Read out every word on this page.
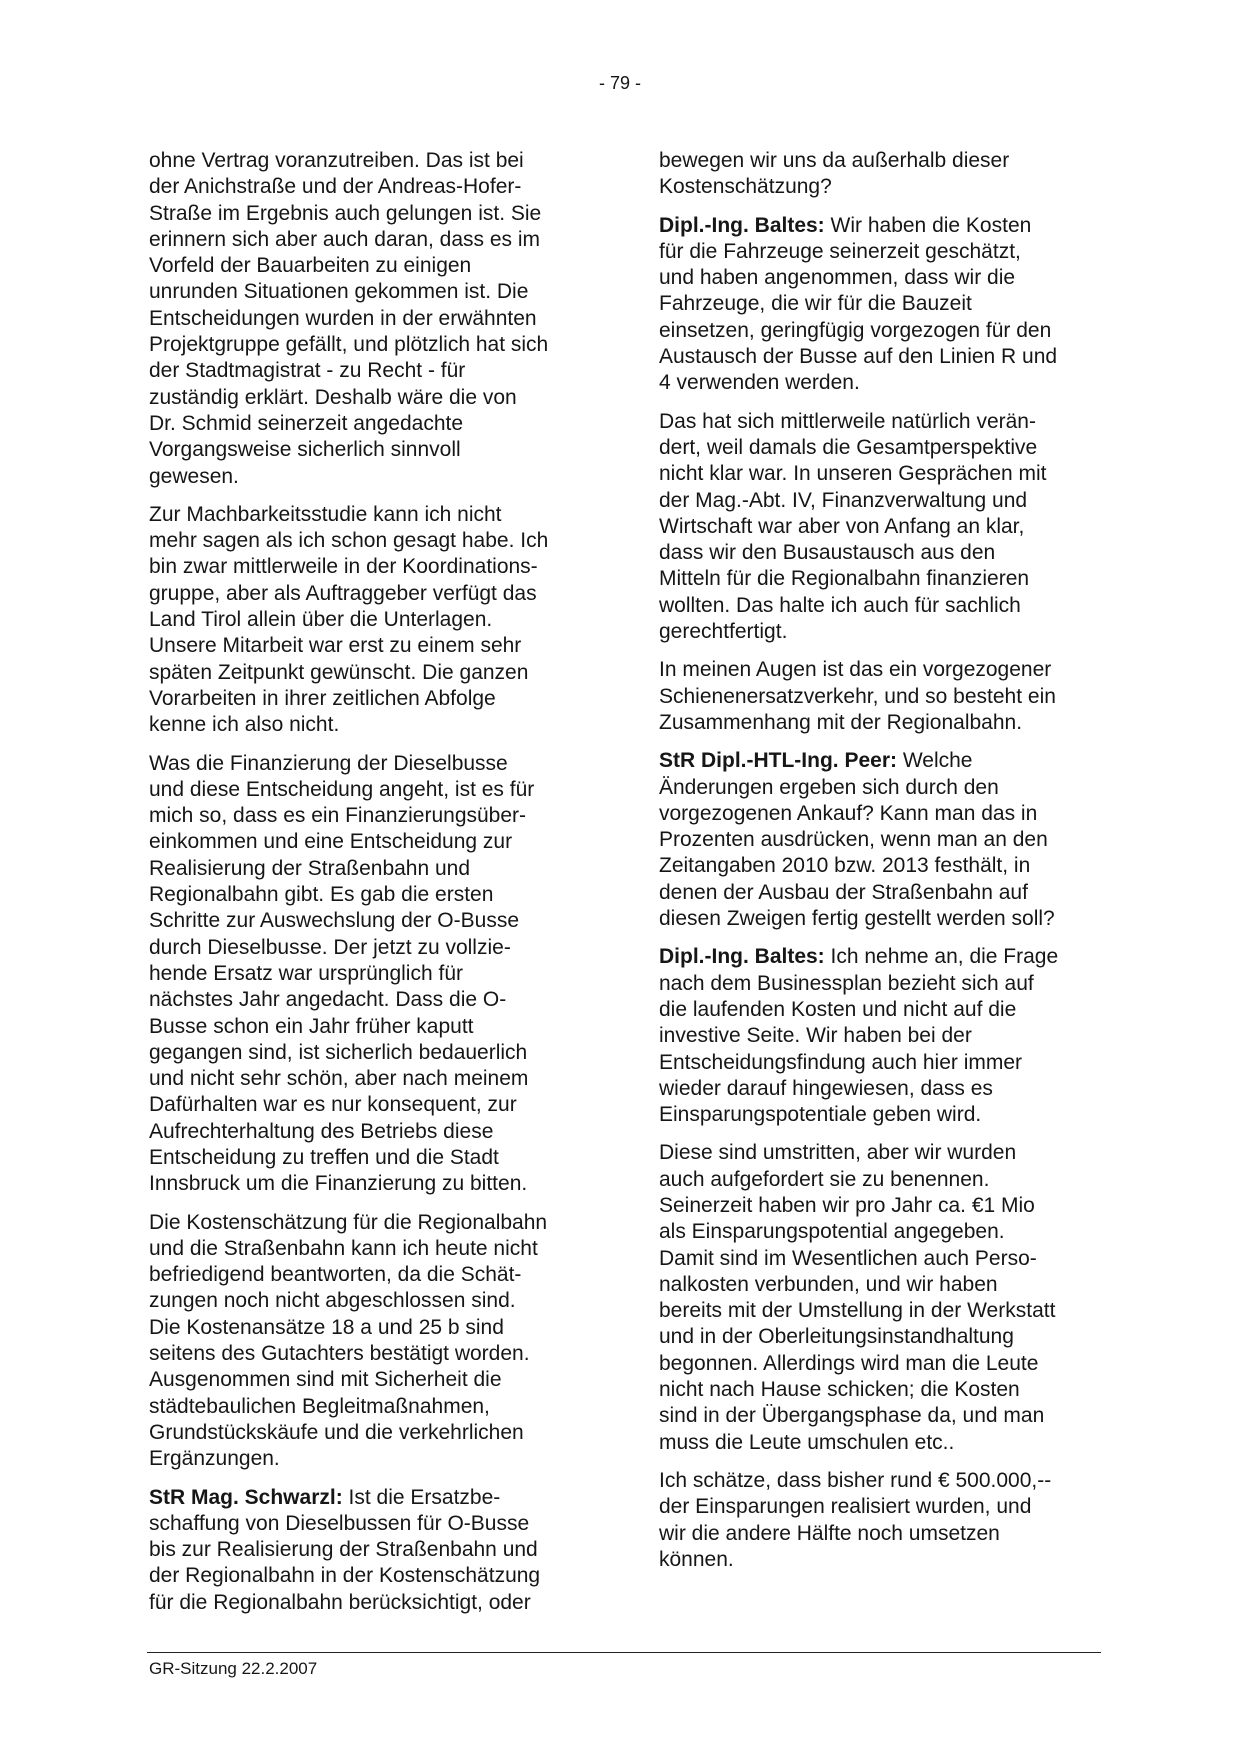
- 79 -

ohne Vertrag voranzutreiben. Das ist bei
der Anichstraße und der Andreas-Hofer-
Straße im Ergebnis auch gelungen ist. Sie
erinnern sich aber auch daran, dass es im
Vorfeld der Bauarbeiten zu einigen
unrunden Situationen gekommen ist. Die
Entscheidungen wurden in der erwähnten
Projektgruppe gefällt, und plötzlich hat sich
der Stadtmagistrat - zu Recht - für
zuständig erklärt. Deshalb wäre die von
Dr. Schmid seinerzeit angedachte
Vorgangsweise sicherlich sinnvoll
gewesen.

Zur Machbarkeitsstudie kann ich nicht
mehr sagen als ich schon gesagt habe. Ich
bin zwar mittlerweile in der Koordinations-
gruppe, aber als Auftraggeber verfügt das
Land Tirol allein über die Unterlagen.
Unsere Mitarbeit war erst zu einem sehr
späten Zeitpunkt gewünscht. Die ganzen
Vorarbeiten in ihrer zeitlichen Abfolge
kenne ich also nicht.

Was die Finanzierung der Dieselbusse
und diese Entscheidung angeht, ist es für
mich so, dass es ein Finanzierungsüber-
einkommen und eine Entscheidung zur
Realisierung der Straßenbahn und
Regionalbahn gibt. Es gab die ersten
Schritte zur Auswechslung der O-Busse
durch Dieselbusse. Der jetzt zu vollzie-
hende Ersatz war ursprünglich für
nächstes Jahr angedacht. Dass die O-
Busse schon ein Jahr früher kaputt
gegangen sind, ist sicherlich bedauerlich
und nicht sehr schön, aber nach meinem
Dafürhalten war es nur konsequent, zur
Aufrechterhaltung des Betriebs diese
Entscheidung zu treffen und die Stadt
Innsbruck um die Finanzierung zu bitten.

Die Kostenschätzung für die Regionalbahn
und die Straßenbahn kann ich heute nicht
befriedigend beantworten, da die Schät-
zungen noch nicht abgeschlossen sind.
Die Kostenansätze 18 a und 25 b sind
seitens des Gutachters bestätigt worden.
Ausgenommen sind mit Sicherheit die
städtebaulichen Begleitmaßnahmen,
Grundstückskäufe und die verkehrlichen
Ergänzungen.

StR Mag. Schwarzl: Ist die Ersatzbe-
schaffung von Dieselbussen für O-Busse
bis zur Realisierung der Straßenbahn und
der Regionalbahn in der Kostenschätzung
für die Regionalbahn berücksichtigt, oder

bewegen wir uns da außerhalb dieser
Kostenschätzung?

Dipl.-Ing. Baltes: Wir haben die Kosten
für die Fahrzeuge seinerzeit geschätzt,
und haben angenommen, dass wir die
Fahrzeuge, die wir für die Bauzeit
einsetzen, geringfügig vorgezogen für den
Austausch der Busse auf den Linien R und
4 verwenden werden.

Das hat sich mittlerweile natürlich verän-
dert, weil damals die Gesamtperspektive
nicht klar war. In unseren Gesprächen mit
der Mag.-Abt. IV, Finanzverwaltung und
Wirtschaft war aber von Anfang an klar,
dass wir den Busaustausch aus den
Mitteln für die Regionalbahn finanzieren
wollten. Das halte ich auch für sachlich
gerechtfertigt.

In meinen Augen ist das ein vorgezogener
Schienenersatzverkehr, und so besteht ein
Zusammenhang mit der Regionalbahn.

StR Dipl.-HTL-Ing. Peer: Welche
Änderungen ergeben sich durch den
vorgezogenen Ankauf? Kann man das in
Prozenten ausdrücken, wenn man an den
Zeitangaben 2010 bzw. 2013 festhält, in
denen der Ausbau der Straßenbahn auf
diesen Zweigen fertig gestellt werden soll?

Dipl.-Ing. Baltes: Ich nehme an, die Frage
nach dem Businessplan bezieht sich auf
die laufenden Kosten und nicht auf die
investive Seite. Wir haben bei der
Entscheidungsfindung auch hier immer
wieder darauf hingewiesen, dass es
Einsparungspotentiale geben wird.

Diese sind umstritten, aber wir wurden
auch aufgefordert sie zu benennen.
Seinerzeit haben wir pro Jahr ca. €1 Mio
als Einsparungspotential angegeben.
Damit sind im Wesentlichen auch Perso-
nalkosten verbunden, und wir haben
bereits mit der Umstellung in der Werkstatt
und in der Oberleitungsinstandhaltung
begonnen. Allerdings wird man die Leute
nicht nach Hause schicken; die Kosten
sind in der Übergangsphase da, und man
muss die Leute umschulen etc..

Ich schätze, dass bisher rund € 500.000,--
der Einsparungen realisiert wurden, und
wir die andere Hälfte noch umsetzen
können.

GR-Sitzung 22.2.2007
